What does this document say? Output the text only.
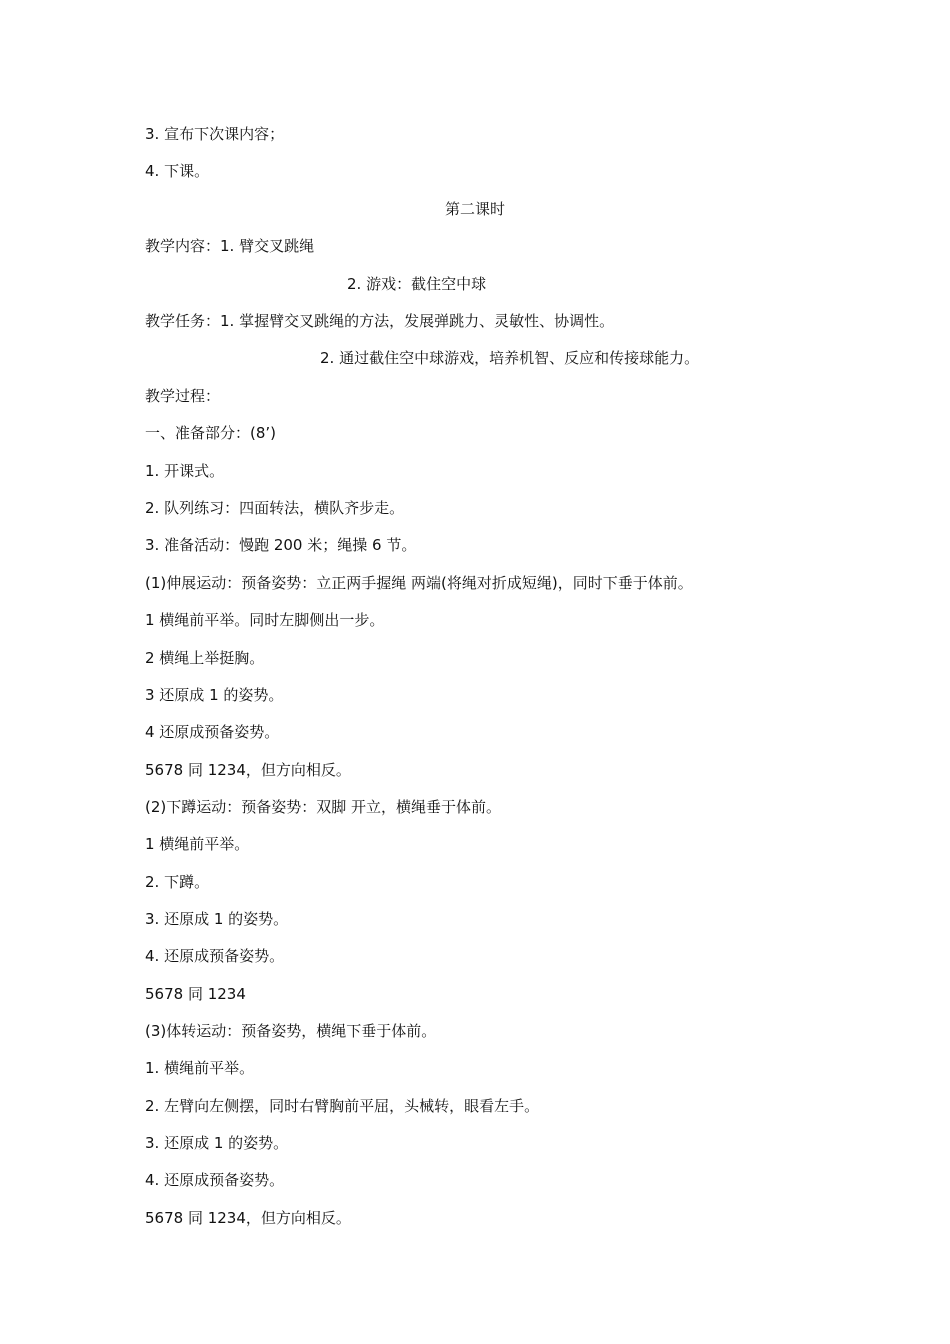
3. 宣布下次课内容；
4. 下课。
第二课时
教学内容：1. 臂交叉跳绳
2. 游戏：截住空中球
教学任务：1. 掌握臂交叉跳绳的方法，发展弹跳力、灵敏性、协调性。
2. 通过截住空中球游戏，培养机智、反应和传接球能力。
教学过程：
一、准备部分：(8’)
1. 开课式。
2. 队列练习：四面转法，横队齐步走。
3. 准备活动：慢跑 200 米；绳操 6 节。
(1)伸展运动：预备姿势：立正两手握绳 两端(将绳对折成短绳)，同时下垂于体前。
1 横绳前平举。同时左脚侧出一步。
2 横绳上举挺胸。
3 还原成 1 的姿势。
4 还原成预备姿势。
5678 同 1234，但方向相反。
(2)下蹲运动：预备姿势：双脚 开立，横绳垂于体前。
1 横绳前平举。
2. 下蹲。
3. 还原成 1 的姿势。
4. 还原成预备姿势。
5678 同 1234
(3)体转运动：预备姿势，横绳下垂于体前。
1. 横绳前平举。
2. 左臂向左侧摆，同时右臂胸前平屈，头械转，眼看左手。
3. 还原成 1 的姿势。
4. 还原成预备姿势。
5678 同 1234，但方向相反。
